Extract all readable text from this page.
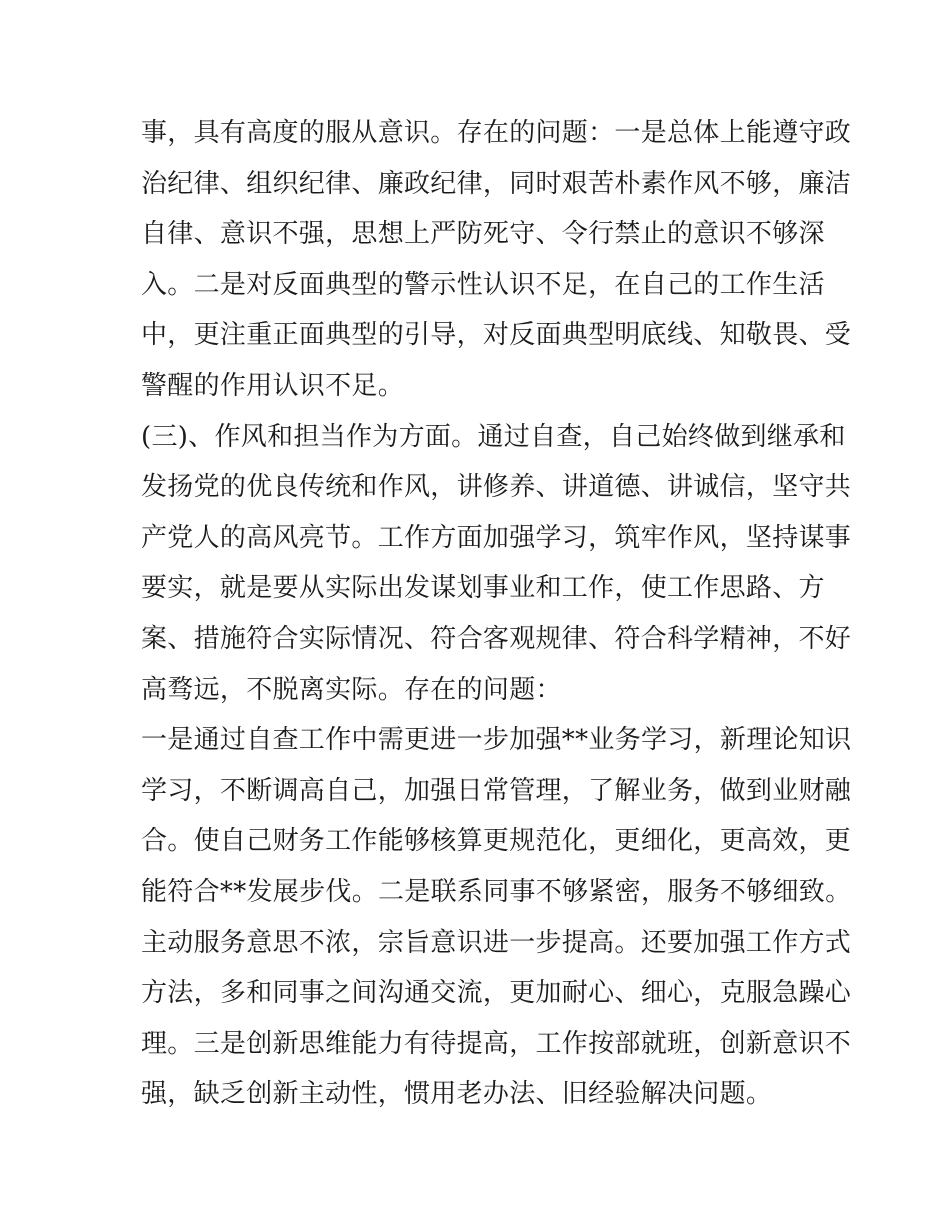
事，具有高度的服从意识。存在的问题：一是总体上能遵守政
治纪律、组织纪律、廉政纪律，同时艰苦朴素作风不够，廉洁
自律、意识不强，思想上严防死守、令行禁止的意识不够深
入。二是对反面典型的警示性认识不足，在自己的工作生活
中，更注重正面典型的引导，对反面典型明底线、知敬畏、受
警醒的作用认识不足。
(三)、作风和担当作为方面。通过自查，自己始终做到继承和
发扬党的优良传统和作风，讲修养、讲道德、讲诚信，坚守共
产党人的高风亮节。工作方面加强学习，筑牢作风，坚持谋事
要实，就是要从实际出发谋划事业和工作，使工作思路、方
案、措施符合实际情况、符合客观规律、符合科学精神，不好
高骛远，不脱离实际。存在的问题：
一是通过自查工作中需更进一步加强**业务学习，新理论知识
学习，不断调高自己，加强日常管理，了解业务，做到业财融
合。使自己财务工作能够核算更规范化，更细化，更高效，更
能符合**发展步伐。二是联系同事不够紧密，服务不够细致。
主动服务意思不浓，宗旨意识进一步提高。还要加强工作方式
方法，多和同事之间沟通交流，更加耐心、细心，克服急躁心
理。三是创新思维能力有待提高，工作按部就班，创新意识不
强，缺乏创新主动性，惯用老办法、旧经验解决问题。
